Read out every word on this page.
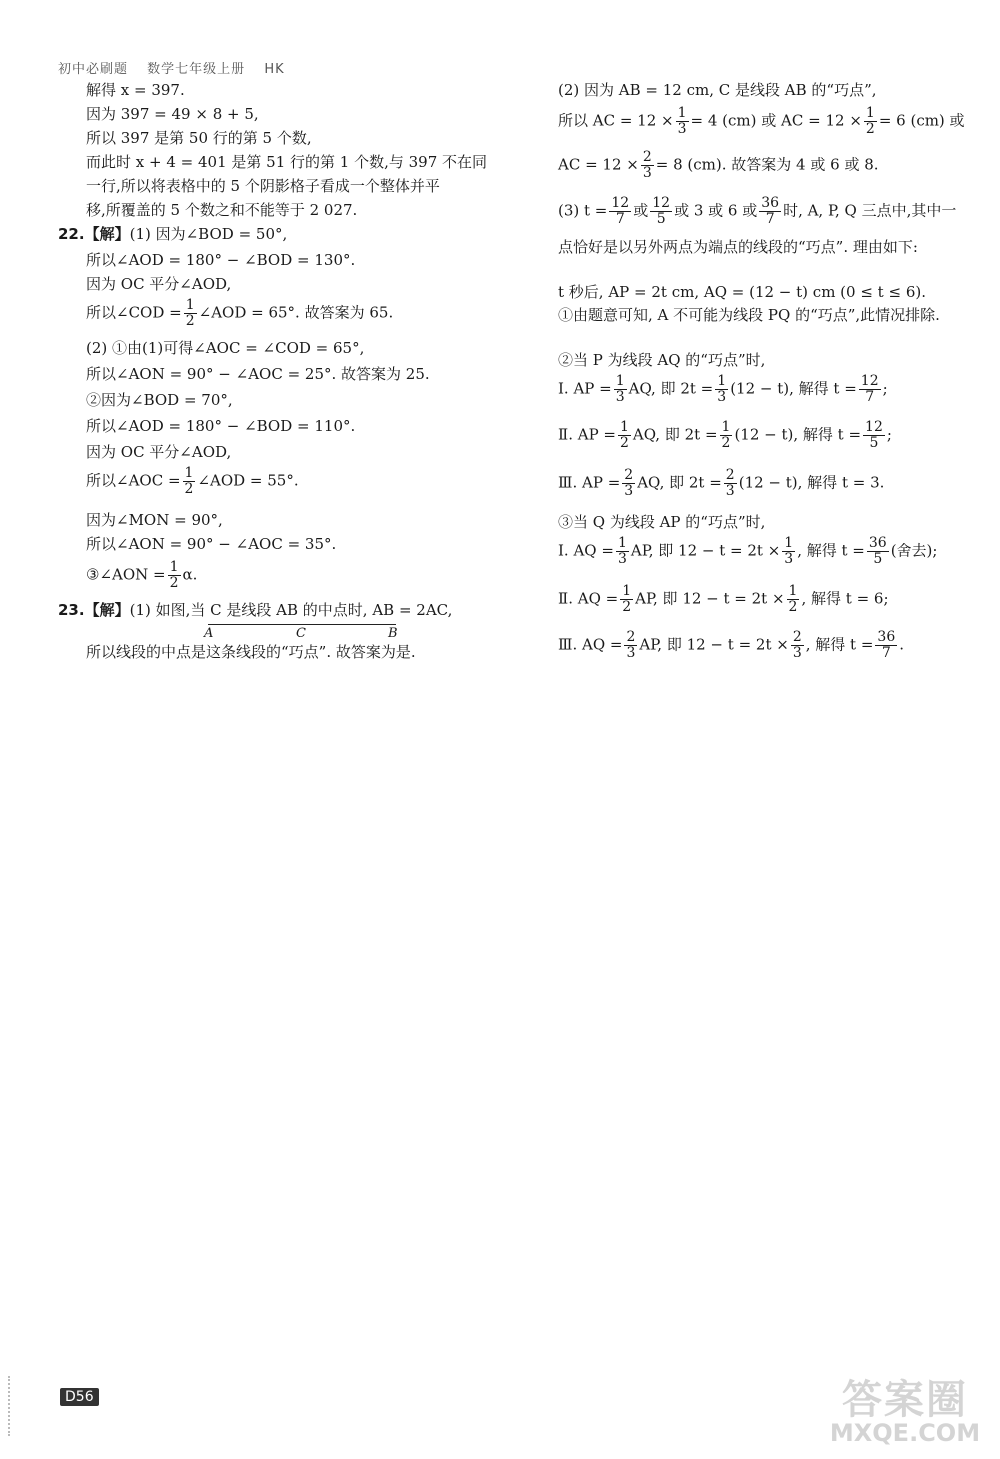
初中必刷题 数学七年级上册 HK
解得 x = 397.
因为 397 = 49 × 8 + 5,
所以 397 是第 50 行的第 5 个数,
而此时 x + 4 = 401 是第 51 行的第 1 个数,与 397 不在同
一行,所以将表格中的 5 个阴影格子看成一个整体并平
移,所覆盖的 5 个数之和不能等于 2 027.
22.【解】(1) 因为∠BOD = 50°,
所以∠AOD = 180° − ∠BOD = 130°.
因为 OC 平分∠AOD,
所以∠COD = $\frac{1}{2}$ ∠AOD = 65°. 故答案为 65.
(2) ①由(1)可得∠AOC = ∠COD = 65°,
所以∠AON = 90° − ∠AOC = 25°. 故答案为 25.
②因为∠BOD = 70°,
所以∠AOD = 180° − ∠BOD = 110°.
因为 OC 平分∠AOD,
所以∠AOC = $\frac{1}{2}$ ∠AOD = 55°.
因为∠MON = 90°,
所以∠AON = 90° − ∠AOC = 35°.
③∠AON = $\frac{1}{2} \alpha$.
23.【解】(1) 如图,当 C 是线段 AB 的中点时, AB = 2AC,
A	C	B
所以线段的中点是这条线段的“巧点”. 故答案为是.
(2) 因为 AB = 12 cm, C 是线段 AB 的“巧点”,
所以 AC = $12 \times \frac{1}{3} = 4$ (cm) 或 AC = $12 \times \frac{1}{2} = 6$ (cm) 或
AC = $12 \times \frac{2}{3} = 8$ (cm). 故答案为 4 或 6 或 8.
(3) $t = \frac{12}{7}$ 或 $\frac{12}{5}$ 或 3 或 6 或 $\frac{36}{7}$ 时, A, P, Q 三点中,其中一
点恰好是以另外两点为端点的线段的“巧点”. 理由如下:
t 秒后, AP = 2t cm, AQ = (12 − t) cm (0 ≤ t ≤ 6).
①由题意可知, A 不可能为线段 PQ 的“巧点”,此情况排除.
②当 P 为线段 AQ 的“巧点”时,
Ⅰ. AP = $\frac{1}{3}$ AQ, 即 $2t = \frac{1}{3} (12 - t)$, 解得 $t = \frac{12}{7}$ ;
Ⅱ. AP = $\frac{1}{2}$ AQ, 即 $2t = \frac{1}{2} (12 - t)$, 解得 $t = \frac{12}{5}$ ;
Ⅲ. AP = $\frac{2}{3}$ AQ, 即 $2t = \frac{2}{3} (12 - t)$, 解得 t = 3.
③当 Q 为线段 AP 的“巧点”时,
Ⅰ. AQ = $\frac{1}{3}$ AP, 即 $12 - t = 2t \times \frac{1}{3}$ , 解得 $t = \frac{36}{5}$ (舍去);
Ⅱ. AQ = $\frac{1}{2}$ AP, 即 $12 - t = 2t \times \frac{1}{2}$ , 解得 t = 6;
Ⅲ. AQ = $\frac{2}{3}$ AP, 即 $12 - t = 2t \times \frac{2}{3}$ , 解得 $t = \frac{36}{7}$ .
D56	答案圈
MXQE.COM
